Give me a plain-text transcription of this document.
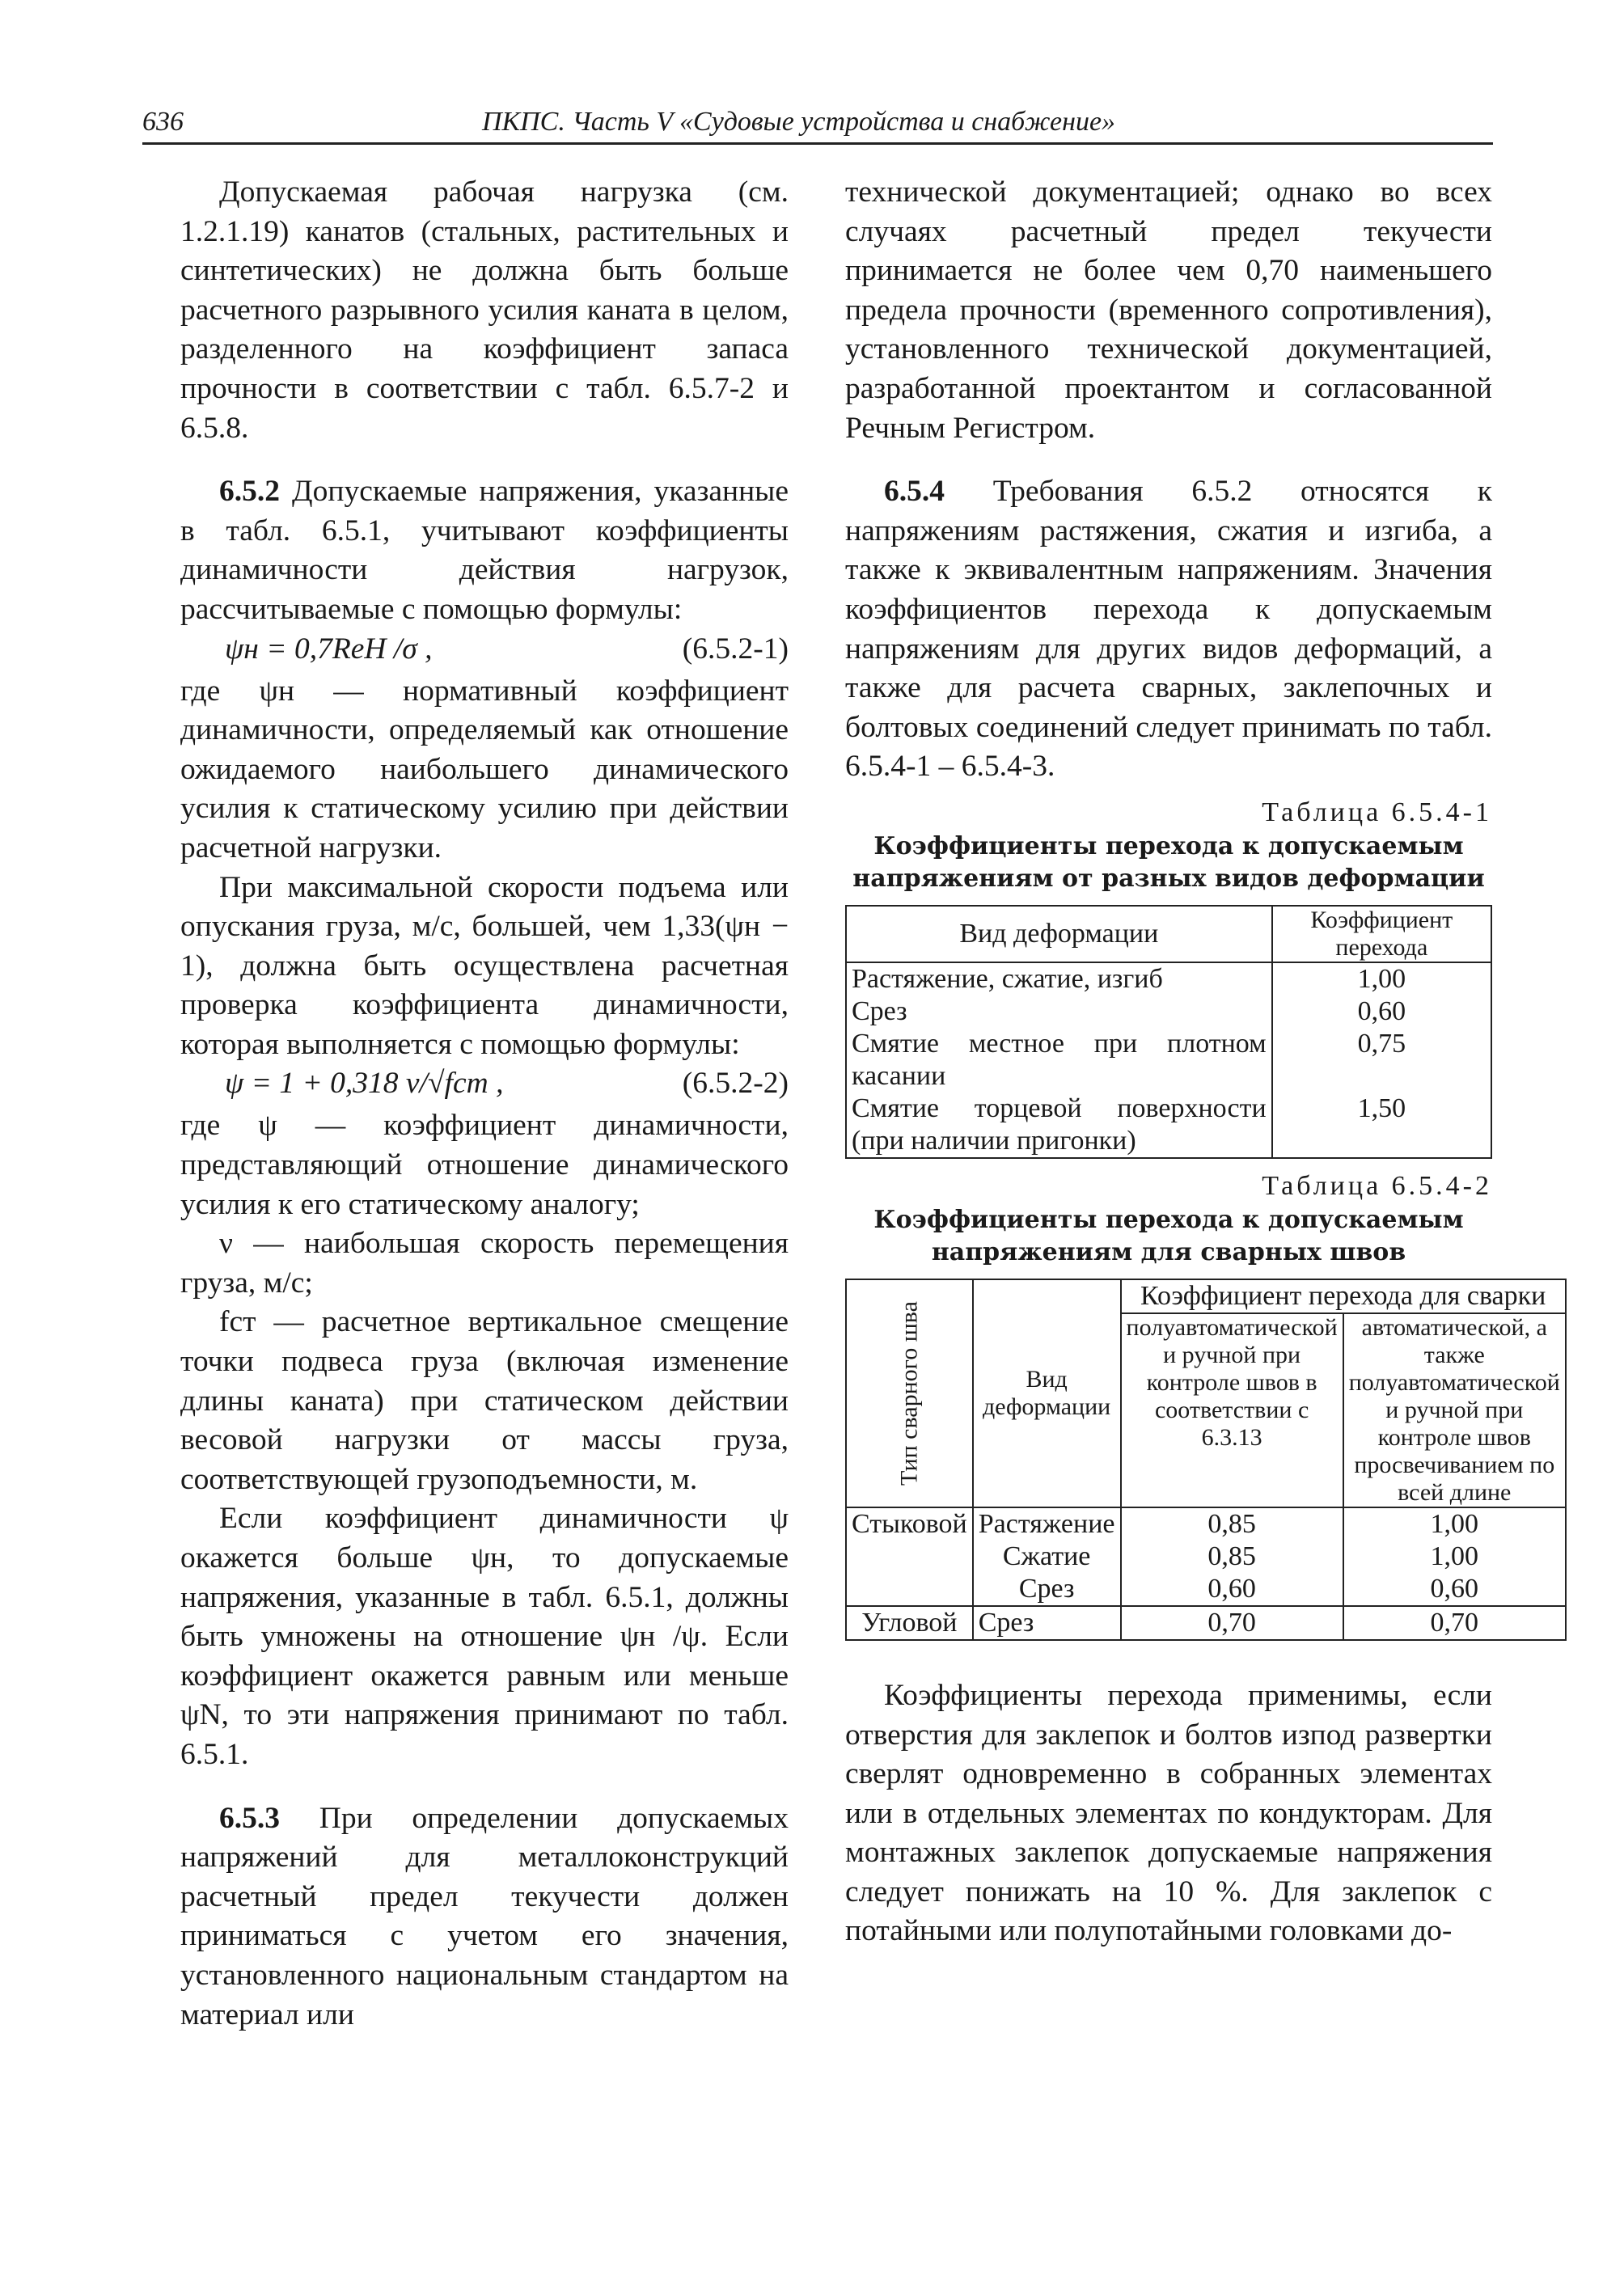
636	ПКПС. Часть V «Судовые устройства и снабжение»

Допускаемая рабочая нагрузка (см. 1.2.1.19) канатов (стальных, растительных и синтетических) не должна быть больше расчетного разрывного усилия каната в целом, разделенного на коэффициент запаса прочности в соответствии с табл. 6.5.7-2 и 6.5.8.

6.5.2 Допускаемые напряжения, указанные в табл. 6.5.1, учитывают коэффициенты динамичности действия нагрузок, рассчитываемые с помощью формулы:

ψн = 0,7ReH /σ ,	(6.5.2-1)

где ψн — нормативный коэффициент динамичности, определяемый как отношение ожидаемого наибольшего динамического усилия к статическому усилию при действии расчетной нагрузки.

При максимальной скорости подъема или опускания груза, м/с, большей, чем 1,33(ψн − 1), должна быть осуществлена расчетная проверка коэффициента динамичности, которая выполняется с помощью формулы:

ψ = 1 + 0,318 ν/√fст ,	(6.5.2-2)

где ψ — коэффициент динамичности, представляющий отношение динамического усилия к его статическому аналогу;

ν — наибольшая скорость перемещения груза, м/с;

fст — расчетное вертикальное смещение точки подвеса груза (включая изменение длины каната) при статическом действии весовой нагрузки от массы груза, соответствующей грузоподъемности, м.

Если коэффициент динамичности ψ окажется больше ψн, то допускаемые напряжения, указанные в табл. 6.5.1, должны быть умножены на отношение ψн /ψ. Если коэффициент окажется равным или меньше ψN, то эти напряжения принимают по табл. 6.5.1.

6.5.3 При определении допускаемых напряжений для металлоконструкций расчетный предел текучести должен приниматься с учетом его значения, установленного национальным стандартом на материал или

технической документацией; однако во всех случаях расчетный предел текучести принимается не более чем 0,70 наименьшего предела прочности (временного сопротивления), установленного технической документацией, разработанной проектантом и согласованной Речным Регистром.

6.5.4 Требования 6.5.2 относятся к напряжениям растяжения, сжатия и изгиба, а также к эквивалентным напряжениям. Значения коэффициентов перехода к допускаемым напряжениям для других видов деформаций, а также для расчета сварных, заклепочных и болтовых соединений следует принимать по табл. 6.5.4-1 – 6.5.4-3.

Таблица 6.5.4-1
Коэффициенты перехода к допускаемым напряжениям от разных видов деформации
Вид деформации	Коэффициент перехода
Растяжение, сжатие, изгиб	1,00
Срез	0,60
Смятие местное при плотном касании	0,75
Смятие торцевой поверхности (при наличии пригонки)	1,50
Таблица 6.5.4-2
Коэффициенты перехода к допускаемым напряжениям для сварных швов
Тип сварного шва	Вид деформации	Коэффициент перехода для сварки	
		полуавтоматической и ручной при контроле швов в соответствии с 6.3.13	автоматической, а также полуавтоматической и ручной при контроле швов просвечиванием по всей длине
Стыковой	Растяжение	0,85	1,00
	Сжатие	0,85	1,00
	Срез	0,60	0,60
Угловой	Срез	0,70	0,70

Коэффициенты перехода применимы, если отверстия для заклепок и болтов изпод развертки сверлят одновременно в собранных элементах или в отдельных элементах по кондукторам. Для монтажных заклепок допускаемые напряжения следует понижать на 10 %. Для заклепок с потайными или полупотайными головками до-
